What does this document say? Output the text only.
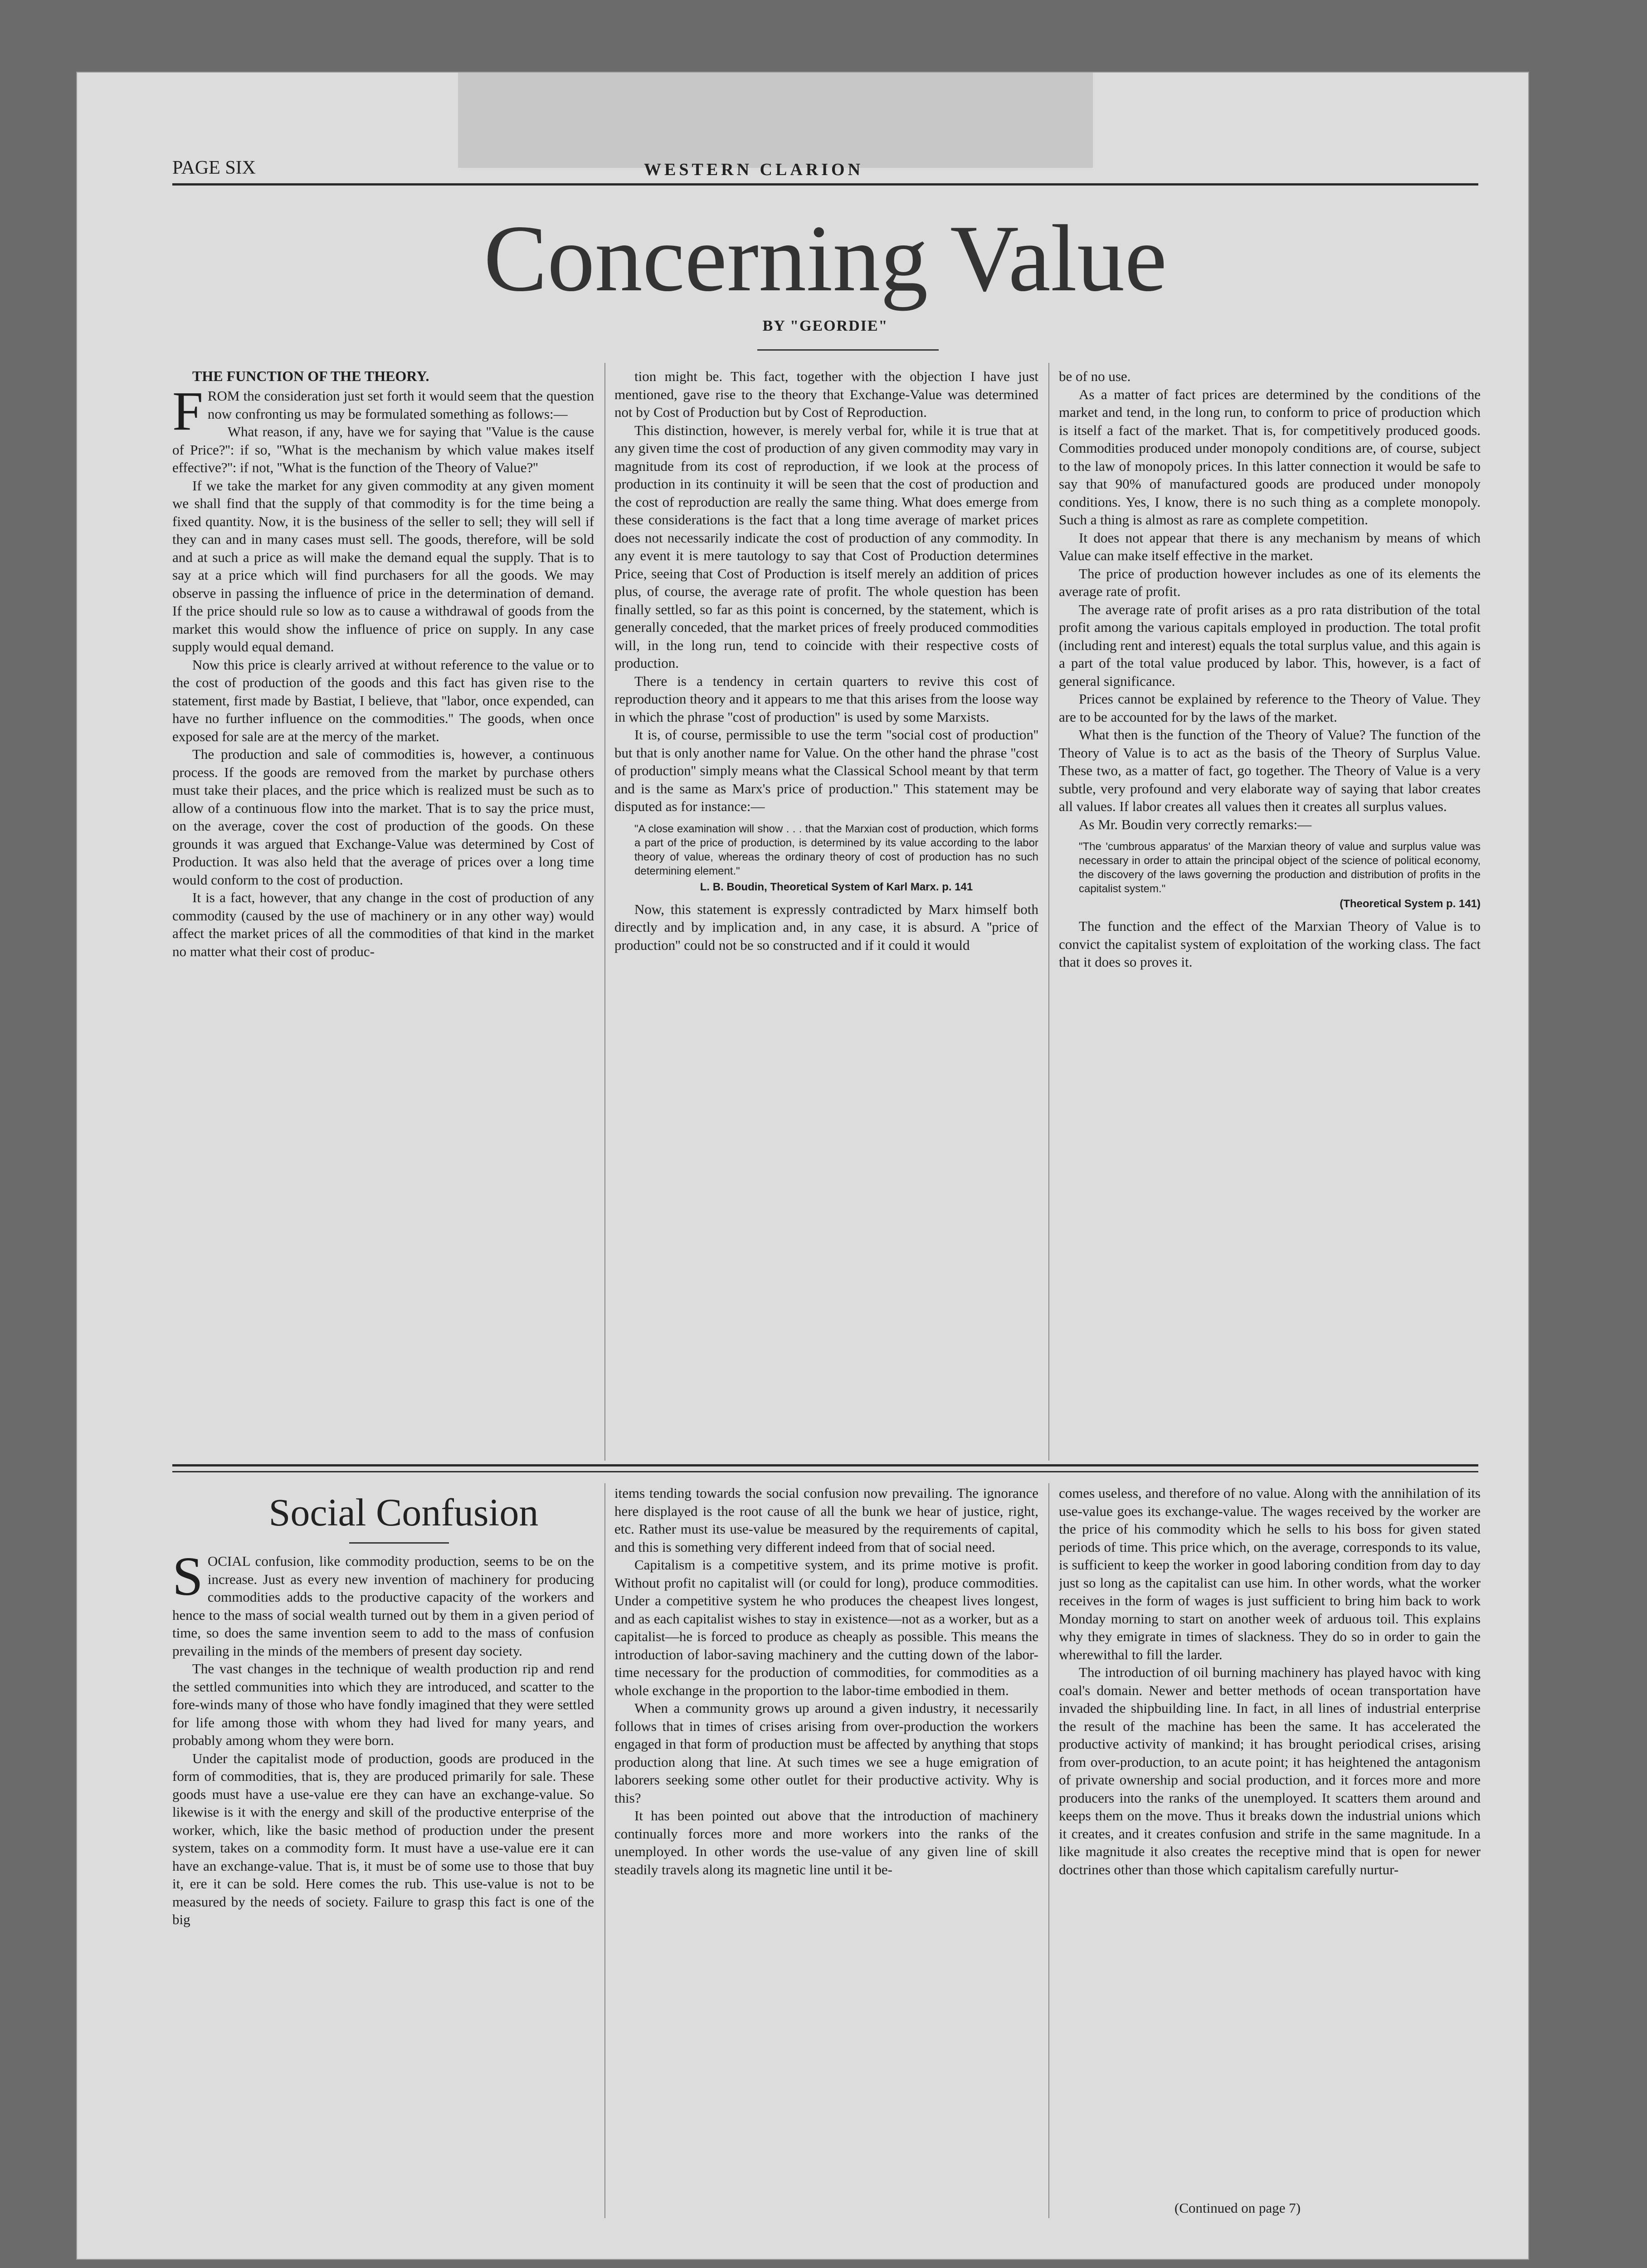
PAGE SIX	WESTERN CLARION
Concerning Value
BY "GEORDIE"
THE FUNCTION OF THE THEORY.

FROM the consideration just set forth it would seem that the question now confronting us may be formulated something as follows:—

What reason, if any, have we for saying that ''Value is the cause of Price?'': if so, ''What is the mechanism by which value makes itself effective?'': if not, ''What is the function of the Theory of Value?''

If we take the market for any given commodity at any given moment we shall find that the supply of that commodity is for the time being a fixed quantity. Now, it is the business of the seller to sell; they will sell if they can and in many cases must sell. The goods, therefore, will be sold and at such a price as will make the demand equal the supply. That is to say at a price which will find purchasers for all the goods. We may observe in passing the influence of price in the determination of demand. If the price should rule so low as to cause a withdrawal of goods from the market this would show the influence of price on supply. In any case supply would equal demand.

Now this price is clearly arrived at without reference to the value or to the cost of production of the goods and this fact has given rise to the statement, first made by Bastiat, I believe, that ''labor, once expended, can have no further influence on the commodities.'' The goods, when once exposed for sale are at the mercy of the market.

The production and sale of commodities is, however, a continuous process. If the goods are removed from the market by purchase others must take their places, and the price which is realized must be such as to allow of a continuous flow into the market. That is to say the price must, on the average, cover the cost of production of the goods. On these grounds it was argued that Exchange-Value was determined by Cost of Production. It was also held that the average of prices over a long time would conform to the cost of production.

It is a fact, however, that any change in the cost of production of any commodity (caused by the use of machinery or in any other way) would affect the market prices of all the commodities of that kind in the market no matter what their cost of produc-

tion might be. This fact, together with the objection I have just mentioned, gave rise to the theory that Exchange-Value was determined not by Cost of Production but by Cost of Reproduction.

This distinction, however, is merely verbal for, while it is true that at any given time the cost of production of any given commodity may vary in magnitude from its cost of reproduction, if we look at the process of production in its continuity it will be seen that the cost of production and the cost of reproduction are really the same thing. What does emerge from these considerations is the fact that a long time average of market prices does not necessarily indicate the cost of production of any commodity. In any event it is mere tautology to say that Cost of Production determines Price, seeing that Cost of Production is itself merely an addition of prices plus, of course, the average rate of profit. The whole question has been finally settled, so far as this point is concerned, by the statement, which is generally conceded, that the market prices of freely produced commodities will, in the long run, tend to coincide with their respective costs of production.

There is a tendency in certain quarters to revive this cost of reproduction theory and it appears to me that this arises from the loose way in which the phrase ''cost of production'' is used by some Marxists.

It is, of course, permissible to use the term ''social cost of production'' but that is only another name for Value. On the other hand the phrase ''cost of production'' simply means what the Classical School meant by that term and is the same as Marx's price of production.'' This statement may be disputed as for instance:—

"A close examination will show . . . that the Marxian cost of production, which forms a part of the price of production, is determined by its value according to the labor theory of value, whereas the ordinary theory of cost of production has no such determining element."
L. B. Boudin, Theoretical System of Karl Marx. p. 141

Now, this statement is expressly contradicted by Marx himself both directly and by implication and, in any case, it is absurd. A ''price of production'' could not be so constructed and if it could it would

be of no use.

As a matter of fact prices are determined by the conditions of the market and tend, in the long run, to conform to price of production which is itself a fact of the market. That is, for competitively produced goods. Commodities produced under monopoly conditions are, of course, subject to the law of monopoly prices. In this latter connection it would be safe to say that 90% of manufactured goods are produced under monopoly conditions. Yes, I know, there is no such thing as a complete monopoly. Such a thing is almost as rare as complete competition.

It does not appear that there is any mechanism by means of which Value can make itself effective in the market.

The price of production however includes as one of its elements the average rate of profit.

The average rate of profit arises as a pro rata distribution of the total profit among the various capitals employed in production. The total profit (including rent and interest) equals the total surplus value, and this again is a part of the total value produced by labor. This, however, is a fact of general significance.

Prices cannot be explained by reference to the Theory of Value. They are to be accounted for by the laws of the market.

What then is the function of the Theory of Value? The function of the Theory of Value is to act as the basis of the Theory of Surplus Value. These two, as a matter of fact, go together. The Theory of Value is a very subtle, very profound and very elaborate way of saying that labor creates all values. If labor creates all values then it creates all surplus values.

As Mr. Boudin very correctly remarks:—

"The 'cumbrous apparatus' of the Marxian theory of value and surplus value was necessary in order to attain the principal object of the science of political economy, the discovery of the laws governing the production and distribution of profits in the capitalist system."
(Theoretical System p. 141)

The function and the effect of the Marxian Theory of Value is to convict the capitalist system of exploitation of the working class. The fact that it does so proves it.

Social Confusion

SOCIAL confusion, like commodity production, seems to be on the increase. Just as every new invention of machinery for producing commodities adds to the productive capacity of the workers and hence to the mass of social wealth turned out by them in a given period of time, so does the same invention seem to add to the mass of confusion prevailing in the minds of the members of present day society.

The vast changes in the technique of wealth production rip and rend the settled communities into which they are introduced, and scatter to the fore-winds many of those who have fondly imagined that they were settled for life among those with whom they had lived for many years, and probably among whom they were born.

Under the capitalist mode of production, goods are produced in the form of commodities, that is, they are produced primarily for sale. These goods must have a use-value ere they can have an exchange-value. So likewise is it with the energy and skill of the productive enterprise of the worker, which, like the basic method of production under the present system, takes on a commodity form. It must have a use-value ere it can have an exchange-value. That is, it must be of some use to those that buy it, ere it can be sold. Here comes the rub. This use-value is not to be measured by the needs of society. Failure to grasp this fact is one of the big

items tending towards the social confusion now prevailing. The ignorance here displayed is the root cause of all the bunk we hear of justice, right, etc. Rather must its use-value be measured by the requirements of capital, and this is something very different indeed from that of social need.

Capitalism is a competitive system, and its prime motive is profit. Without profit no capitalist will (or could for long), produce commodities. Under a competitive system he who produces the cheapest lives longest, and as each capitalist wishes to stay in existence—not as a worker, but as a capitalist—he is forced to produce as cheaply as possible. This means the introduction of labor-saving machinery and the cutting down of the labor-time necessary for the production of commodities, for commodities as a whole exchange in the proportion to the labor-time embodied in them.

When a community grows up around a given industry, it necessarily follows that in times of crises arising from over-production the workers engaged in that form of production must be affected by anything that stops production along that line. At such times we see a huge emigration of laborers seeking some other outlet for their productive activity. Why is this?

It has been pointed out above that the introduction of machinery continually forces more and more workers into the ranks of the unemployed. In other words the use-value of any given line of skill steadily travels along its magnetic line until it be-

comes useless, and therefore of no value. Along with the annihilation of its use-value goes its exchange-value. The wages received by the worker are the price of his commodity which he sells to his boss for given stated periods of time. This price which, on the average, corresponds to its value, is sufficient to keep the worker in good laboring condition from day to day just so long as the capitalist can use him. In other words, what the worker receives in the form of wages is just sufficient to bring him back to work Monday morning to start on another week of arduous toil. This explains why they emigrate in times of slackness. They do so in order to gain the wherewithal to fill the larder.

The introduction of oil burning machinery has played havoc with king coal's domain. Newer and better methods of ocean transportation have invaded the shipbuilding line. In fact, in all lines of industrial enterprise the result of the machine has been the same. It has accelerated the productive activity of mankind; it has brought periodical crises, arising from over-production, to an acute point; it has heightened the antagonism of private ownership and social production, and it forces more and more producers into the ranks of the unemployed. It scatters them around and keeps them on the move. Thus it breaks down the industrial unions which it creates, and it creates confusion and strife in the same magnitude. In a like magnitude it also creates the receptive mind that is open for newer doctrines other than those which capitalism carefully nurtur-

(Continued on page 7)
